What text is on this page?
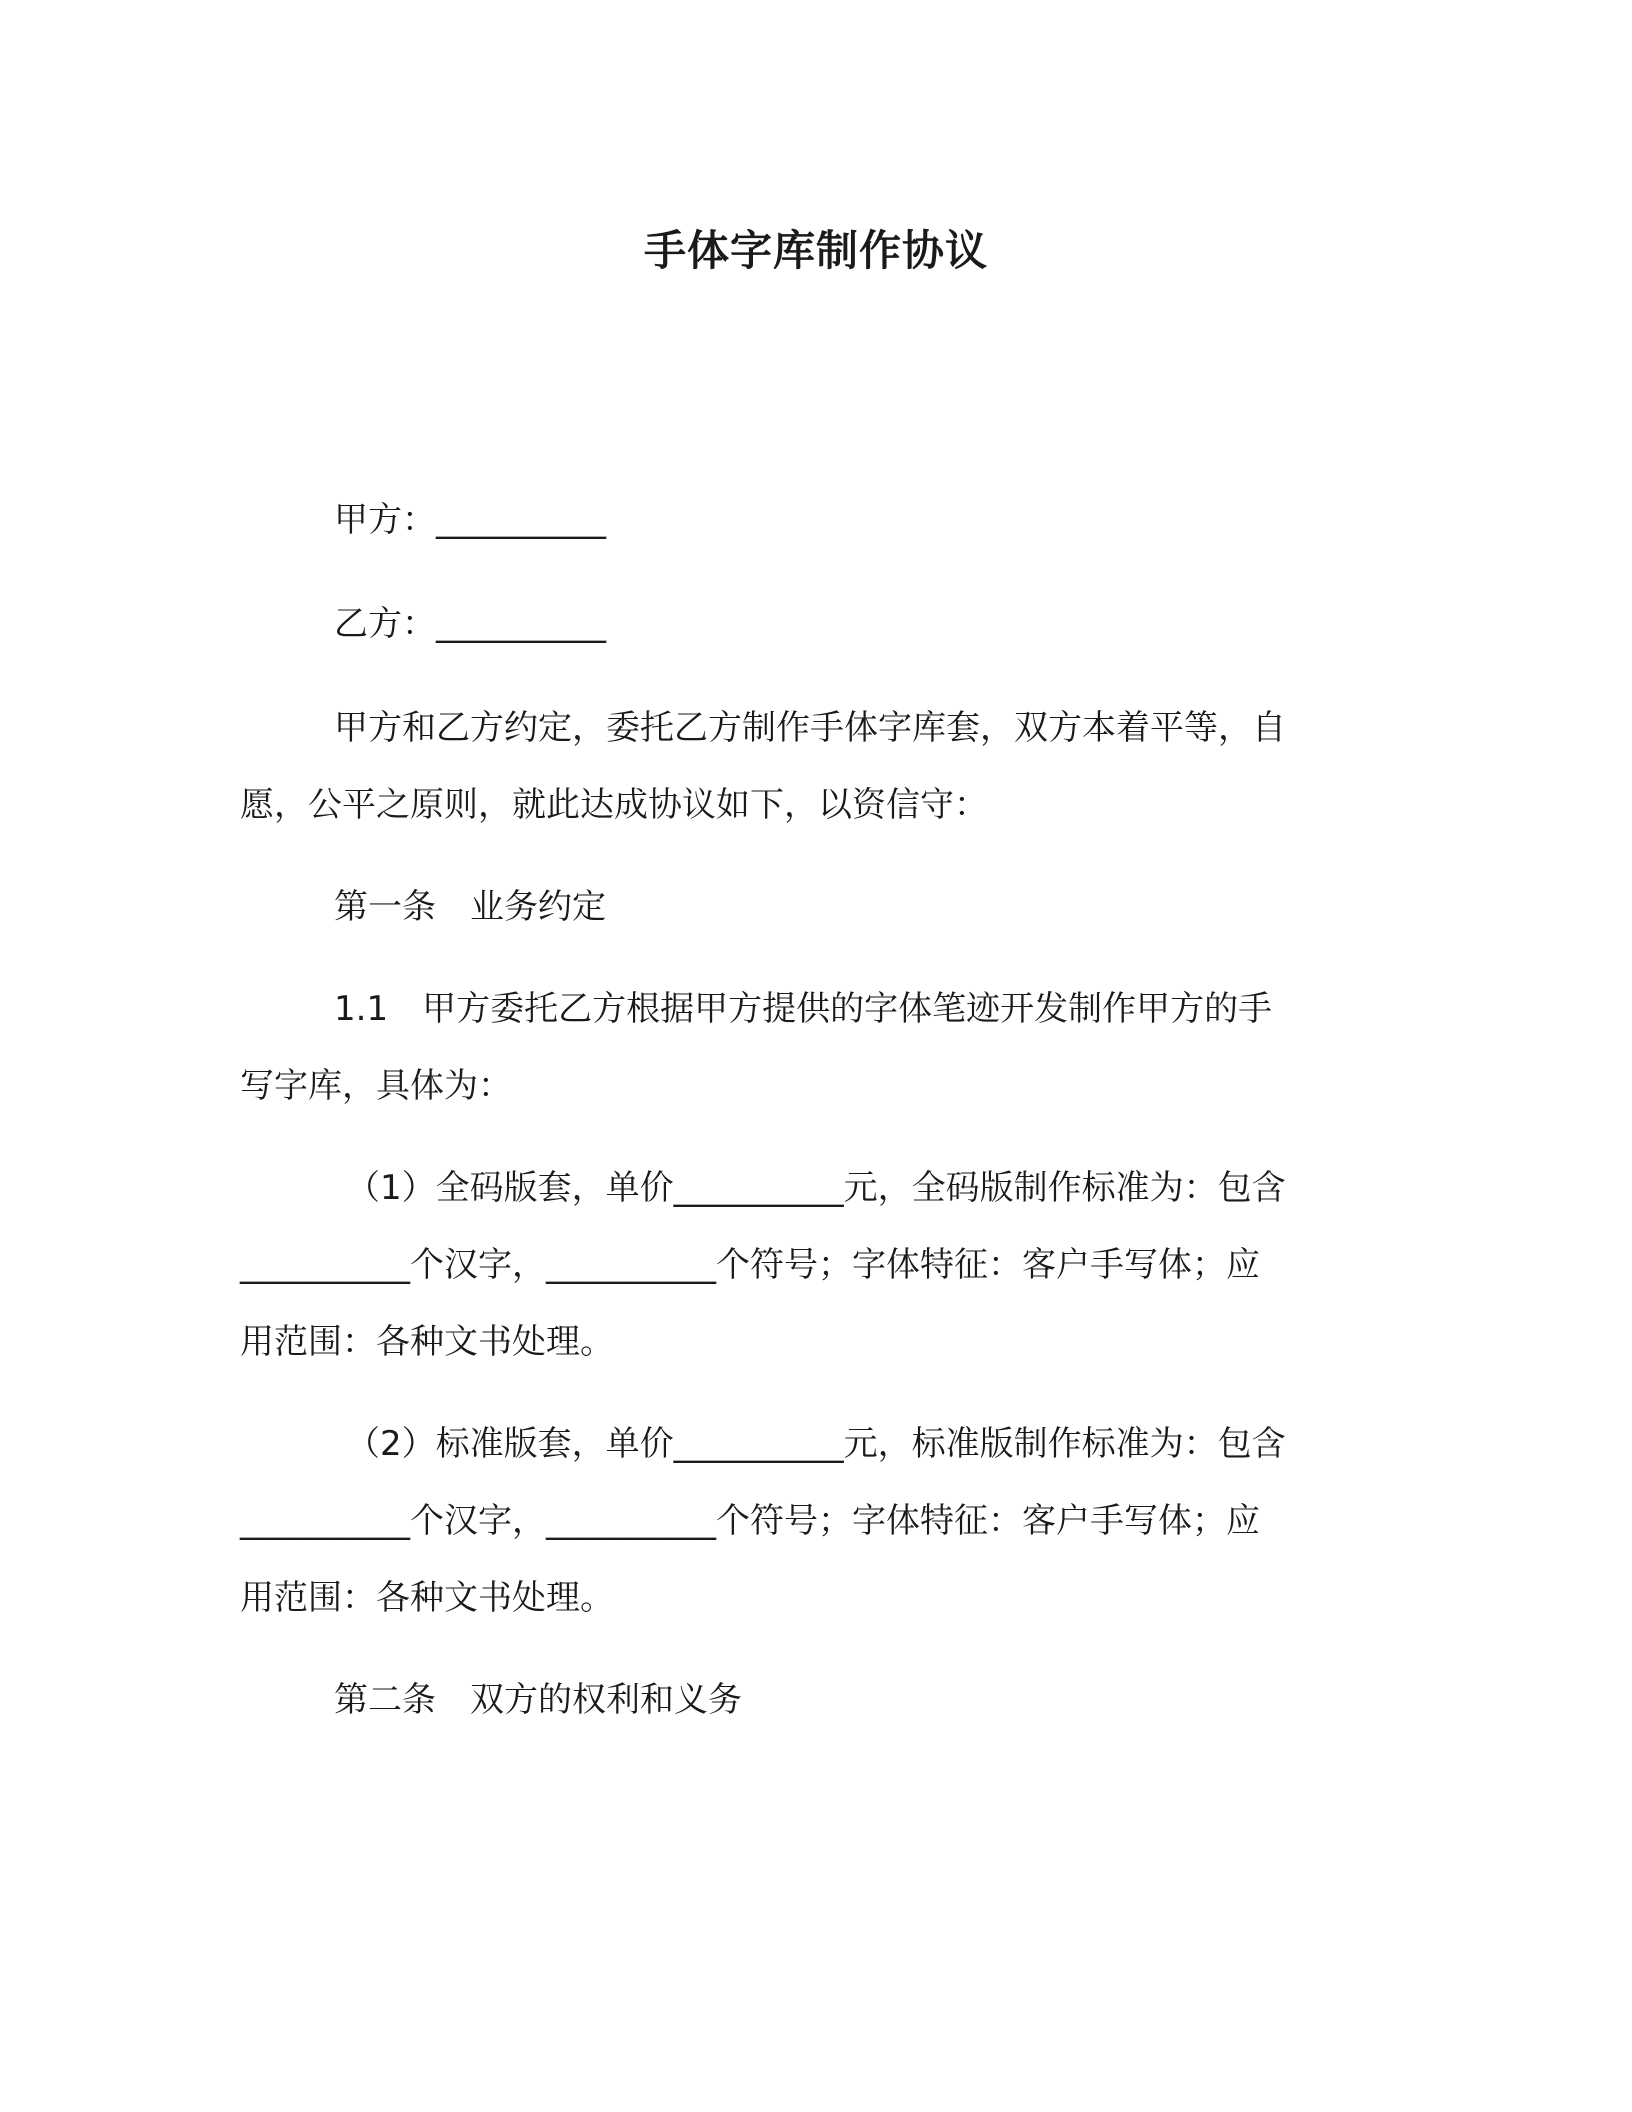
手体字库制作协议
甲方：__________
乙方：__________
甲方和乙方约定，委托乙方制作手体字库套，双方本着平等，自
愿，公平之原则，就此达成协议如下，以资信守：
第一条　业务约定
1.1　甲方委托乙方根据甲方提供的字体笔迹开发制作甲方的手
写字库，具体为：
（1）全码版套，单价__________元，全码版制作标准为：包含
__________个汉字，__________个符号；字体特征：客户手写体；应
用范围：各种文书处理。
（2）标准版套，单价__________元，标准版制作标准为：包含
__________个汉字，__________个符号；字体特征：客户手写体；应
用范围：各种文书处理。
第二条　双方的权利和义务
